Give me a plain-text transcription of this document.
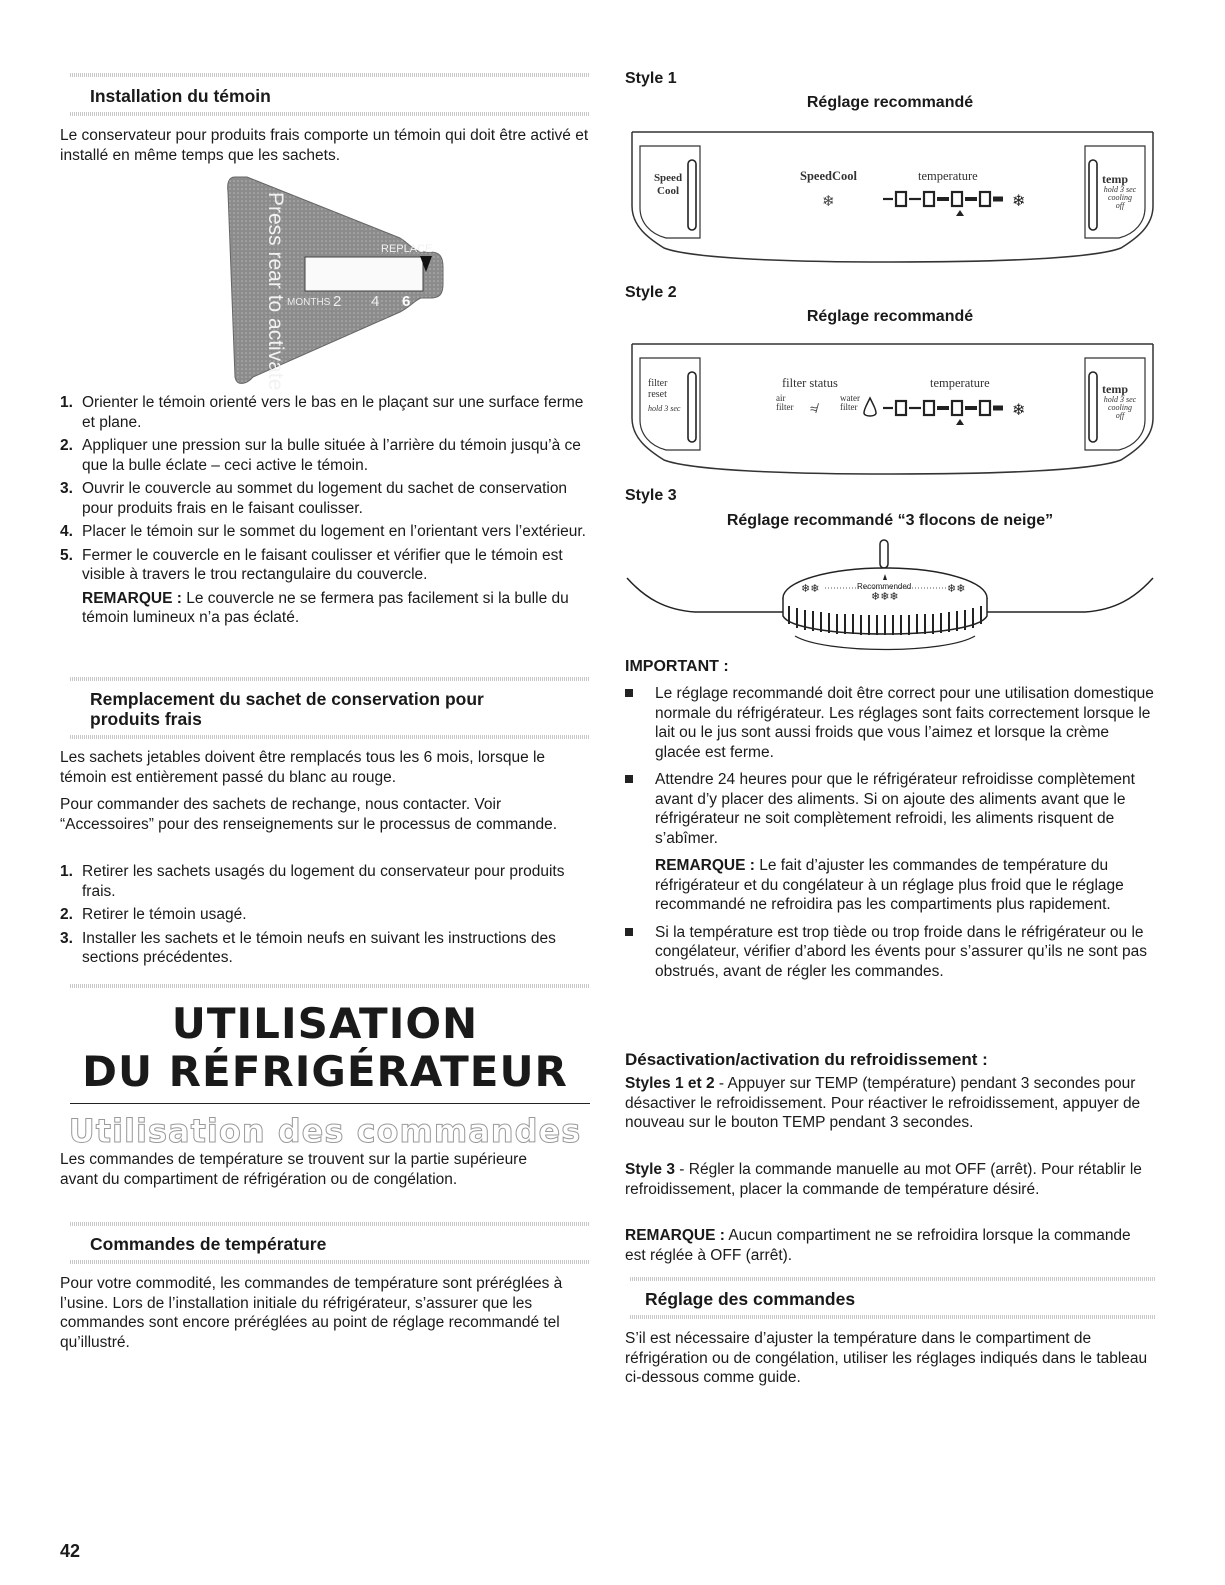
Installation du témoin

Le conservateur pour produits frais comporte un témoin qui doit être activé et installé en même temps que les sachets.

Press rear to activate	REPLACE
MONTHS 2 4 6
1. Orienter le témoin orienté vers le bas en le plaçant sur une surface ferme et plane.
2. Appliquer une pression sur la bulle située à l’arrière du témoin jusqu’à ce que la bulle éclate – ceci active le témoin.
3. Ouvrir le couvercle au sommet du logement du sachet de conservation pour produits frais en le faisant coulisser.
4. Placer le témoin sur le sommet du logement en l’orientant vers l’extérieur.
5. Fermer le couvercle en le faisant coulisser et vérifier que le témoin est visible à travers le trou rectangulaire du couvercle.
REMARQUE : Le couvercle ne se fermera pas facilement si la bulle du témoin lumineux n’a pas éclaté.
Remplacement du sachet de conservation pour produits frais

Les sachets jetables doivent être remplacés tous les 6 mois, lorsque le témoin est entièrement passé du blanc au rouge.

Pour commander des sachets de rechange, nous contacter. Voir “Accessoires” pour des renseignements sur le processus de commande.

1. Retirer les sachets usagés du logement du conservateur pour produits frais.
2. Retirer le témoin usagé.
3. Installer les sachets et le témoin neufs en suivant les instructions des sections précédentes.
UTILISATION
DU RÉFRIGÉRATEUR
Utilisation des commandes

Les commandes de température se trouvent sur la partie supérieure avant du compartiment de réfrigération ou de congélation.

Commandes de température

Pour votre commodité, les commandes de température sont préréglées à l’usine. Lors de l’installation initiale du réfrigérateur, s’assurer que les commandes sont encore préréglées au point de réglage recommandé tel qu’illustré.

42
Style 1
Réglage recommandé
❄
❄
Speed
Cool
SpeedCool	temperature	temp
hold 3 sec
cooling
off
Style 2
Réglage recommandé
❄
≉
filter
reset
hold 3 sec
filter status
air
filter
water
filter
temperature	temp
hold 3 sec
cooling
off
Style 3
Réglage recommandé “3 flocons de neige”
❄❄
❄❄❄
❄❄
Recommended
IMPORTANT :
Le réglage recommandé doit être correct pour une utilisation domestique normale du réfrigérateur. Les réglages sont faits correctement lorsque le lait ou le jus sont aussi froids que vous l’aimez et lorsque la crème glacée est ferme.
Attendre 24 heures pour que le réfrigérateur refroidisse complètement avant d’y placer des aliments. Si on ajoute des aliments avant que le réfrigérateur ne soit complètement refroidi, les aliments risquent de s’abîmer.
REMARQUE : Le fait d’ajuster les commandes de température du réfrigérateur et du congélateur à un réglage plus froid que le réglage recommandé ne refroidira pas les compartiments plus rapidement.
Si la température est trop tiède ou trop froide dans le réfrigérateur ou le congélateur, vérifier d’abord les évents pour s’assurer qu’ils ne sont pas obstrués, avant de régler les commandes.
Désactivation/activation du refroidissement :

Styles 1 et 2 - Appuyer sur TEMP (température) pendant 3 secondes pour désactiver le refroidissement. Pour réactiver le refroidissement, appuyer de nouveau sur le bouton TEMP pendant 3 secondes.

Style 3 - Régler la commande manuelle au mot OFF (arrêt). Pour rétablir le refroidissement, placer la commande de température désiré.

REMARQUE : Aucun compartiment ne se refroidira lorsque la commande est réglée à OFF (arrêt).

Réglage des commandes

S’il est nécessaire d’ajuster la température dans le compartiment de réfrigération ou de congélation, utiliser les réglages indiqués dans le tableau ci-dessous comme guide.
